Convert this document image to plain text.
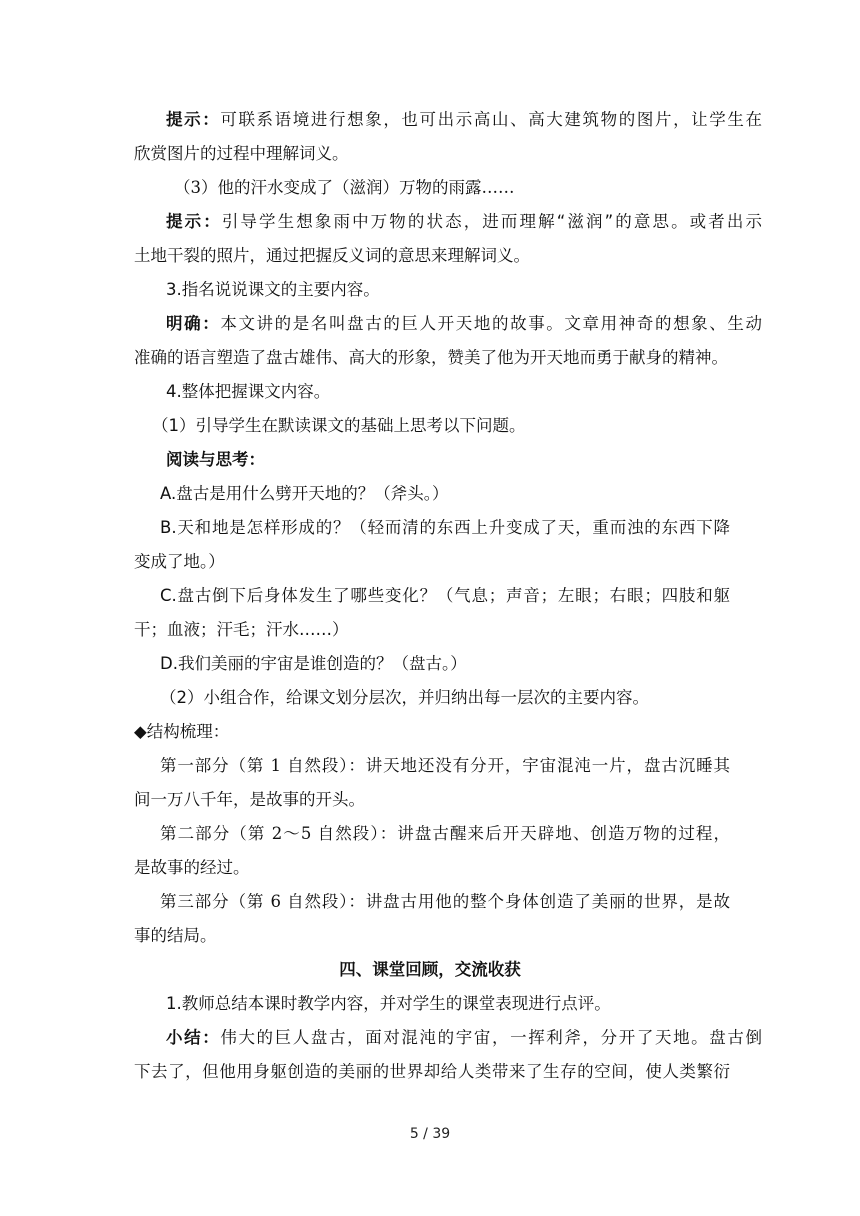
提示：可联系语境进行想象，也可出示高山、高大建筑物的图片，让学生在
欣赏图片的过程中理解词义。
（3）他的汗水变成了（滋润）万物的雨露……
提示：引导学生想象雨中万物的状态，进而理解“滋润”的意思。或者出示
土地干裂的照片，通过把握反义词的意思来理解词义。
3.指名说说课文的主要内容。
明确：本文讲的是名叫盘古的巨人开天地的故事。文章用神奇的想象、生动
准确的语言塑造了盘古雄伟、高大的形象，赞美了他为开天地而勇于献身的精神。
4.整体把握课文内容。
（1）引导学生在默读课文的基础上思考以下问题。
阅读与思考：
A.盘古是用什么劈开天地的？（斧头。）
B.天和地是怎样形成的？（轻而清的东西上升变成了天，重而浊的东西下降
变成了地。）
C.盘古倒下后身体发生了哪些变化？（气息；声音；左眼；右眼；四肢和躯
干；血液；汗毛；汗水……）
D.我们美丽的宇宙是谁创造的？（盘古。）
（2）小组合作，给课文划分层次，并归纳出每一层次的主要内容。
◆结构梳理：
第一部分（第 1 自然段）：讲天地还没有分开，宇宙混沌一片，盘古沉睡其
间一万八千年，是故事的开头。
第二部分（第 2～5 自然段）：讲盘古醒来后开天辟地、创造万物的过程，
是故事的经过。
第三部分（第 6 自然段）：讲盘古用他的整个身体创造了美丽的世界，是故
事的结局。
四、课堂回顾，交流收获
1.教师总结本课时教学内容，并对学生的课堂表现进行点评。
小结：伟大的巨人盘古，面对混沌的宇宙，一挥利斧，分开了天地。盘古倒
下去了，但他用身躯创造的美丽的世界却给人类带来了生存的空间，使人类繁衍
5 / 39
